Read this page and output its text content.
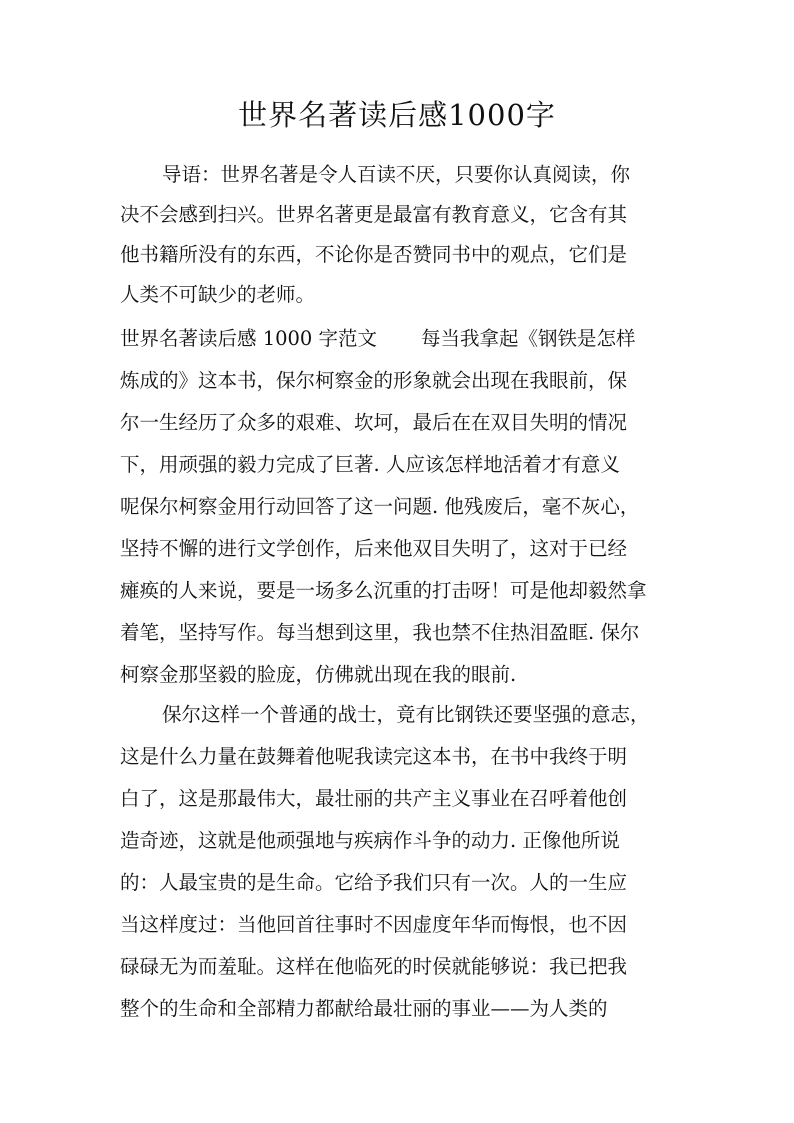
世界名著读后感1000字
导语：世界名著是令人百读不厌，只要你认真阅读，你
决不会感到扫兴。世界名著更是最富有教育意义，它含有其
他书籍所没有的东西，不论你是否赞同书中的观点，它们是
人类不可缺少的老师。
世界名著读后感 1000 字范文 每当我拿起《钢铁是怎样
炼成的》这本书，保尔柯察金的形象就会出现在我眼前，保
尔一生经历了众多的艰难、坎坷，最后在在双目失明的情况
下，用顽强的毅力完成了巨著. 人应该怎样地活着才有意义
呢保尔柯察金用行动回答了这一问题. 他残废后，毫不灰心，
坚持不懈的进行文学创作，后来他双目失明了，这对于已经
瘫痪的人来说，要是一场多么沉重的打击呀！可是他却毅然拿
着笔，坚持写作。每当想到这里，我也禁不住热泪盈眶. 保尔
柯察金那坚毅的脸庞，仿佛就出现在我的眼前.
保尔这样一个普通的战士，竟有比钢铁还要坚强的意志，
这是什么力量在鼓舞着他呢我读完这本书，在书中我终于明
白了，这是那最伟大，最壮丽的共产主义事业在召呼着他创
造奇迹，这就是他顽强地与疾病作斗争的动力. 正像他所说
的：人最宝贵的是生命。它给予我们只有一次。人的一生应
当这样度过：当他回首往事时不因虚度年华而悔恨，也不因
碌碌无为而羞耻。这样在他临死的时侯就能够说：我已把我
整个的生命和全部精力都献给最壮丽的事业——为人类的
